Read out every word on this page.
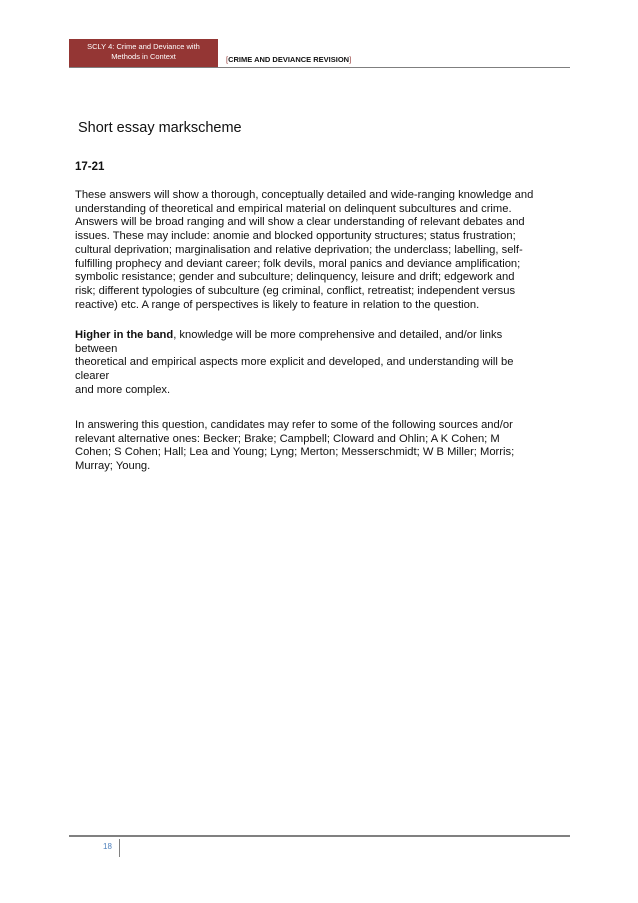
SCLY 4: Crime and Deviance with
Methods in Context	[CRIME AND DEVIANCE REVISION]
Short essay markscheme
17-21
These answers will show a thorough, conceptually detailed and wide-ranging knowledge and
understanding of theoretical and empirical material on delinquent subcultures and crime.
Answers will be broad ranging and will show a clear understanding of relevant debates and
issues. These may include: anomie and blocked opportunity structures; status frustration;
cultural deprivation; marginalisation and relative deprivation; the underclass; labelling, self-
fulfilling prophecy and deviant career; folk devils, moral panics and deviance amplification;
symbolic resistance; gender and subculture; delinquency, leisure and drift; edgework and
risk; different typologies of subculture (eg criminal, conflict, retreatist; independent versus
reactive) etc. A range of perspectives is likely to feature in relation to the question.
Higher in the band, knowledge will be more comprehensive and detailed, and/or links
between
theoretical and empirical aspects more explicit and developed, and understanding will be
clearer
and more complex.
In answering this question, candidates may refer to some of the following sources and/or
relevant alternative ones: Becker; Brake; Campbell; Cloward and Ohlin; A K Cohen; M
Cohen; S Cohen; Hall; Lea and Young; Lyng; Merton; Messerschmidt; W B Miller; Morris;
Murray; Young.
18
